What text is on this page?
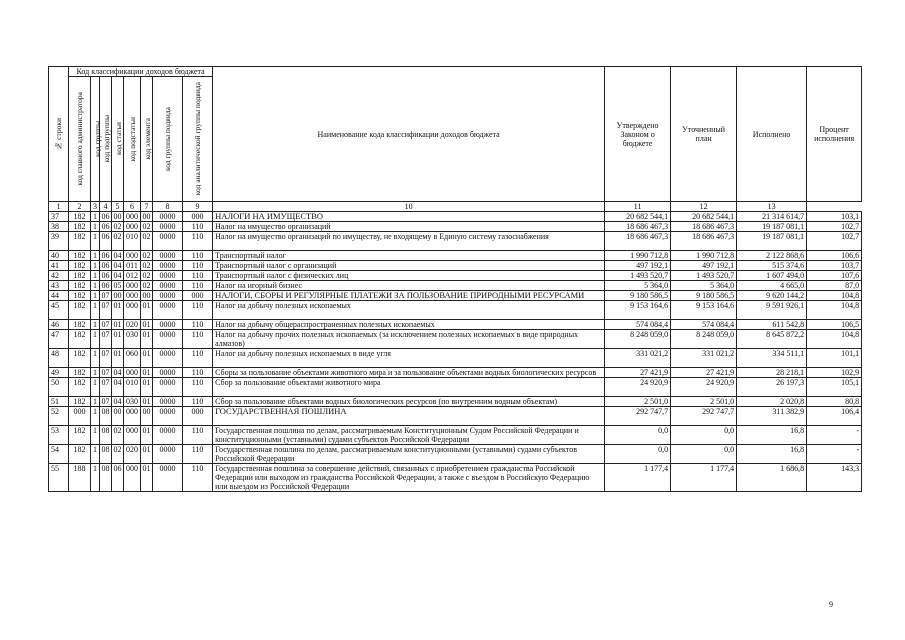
№ строки	Код классификации доходов бюджета								Наименование кода классификации доходов бюджета	Утверждено Законом о бюджете	Уточненный план	Исполнено	Процент исполнения

	код главного администратора	код группы	код подгруппы	код статьи	код подстатьи	код элемента	код группы подвида	код аналитической группы подвида					

1	2	3	4	5	6	7	8	9	10	11	12	13	
37	182	1	06	00	000	00	0000	000	НАЛОГИ НА ИМУЩЕСТВО	20 682 544,1	20 682 544,1	21 314 614,7	103,1
38	182	1	06	02	000	02	0000	110	Налог на имущество организаций	18 686 467,3	18 686 467,3	19 187 081,1	102,7
39	182	1	06	02	010	02	0000	110	Налог на имущество организаций по имуществу, не входящему в Единую систему газоснабжения	18 686 467,3	18 686 467,3	19 187 081,1	102,7
40	182	1	06	04	000	02	0000	110	Транспортный налог	1 990 712,8	1 990 712,8	2 122 868,6	106,6
41	182	1	06	04	011	02	0000	110	Транспортный налог с организаций	497 192,1	497 192,1	515 374,6	103,7
42	182	1	06	04	012	02	0000	110	Транспортный налог с физических лиц	1 493 520,7	1 493 520,7	1 607 494,0	107,6
43	182	1	06	05	000	02	0000	110	Налог на игорный бизнес	5 364,0	5 364,0	4 665,0	87,0
44	182	1	07	00	000	00	0000	000	НАЛОГИ, СБОРЫ И РЕГУЛЯРНЫЕ ПЛАТЕЖИ ЗА ПОЛЬЗОВАНИЕ ПРИРОДНЫМИ РЕСУРСАМИ	9 180 586,5	9 180 586,5	9 620 144,2	104,8
45	182	1	07	01	000	01	0000	110	Налог на добычу полезных ископаемых	9 153 164,6	9 153 164,6	9 591 926,1	104,8
46	182	1	07	01	020	01	0000	110	Налог на добычу общераспространенных полезных ископаемых	574 084,4	574 084,4	611 542,8	106,5
47	182	1	07	01	030	01	0000	110	Налог на добычу прочих полезных ископаемых (за исключением полезных ископаемых в виде природных алмазов)	8 248 059,0	8 248 059,0	8 645 872,2	104,8
48	182	1	07	01	060	01	0000	110	Налог на добычу полезных ископаемых в виде угля	331 021,2	331 021,2	334 511,1	101,1
49	182	1	07	04	000	01	0000	110	Сборы за пользование объектами животного мира и за пользование объектами водных биологических ресурсов	27 421,9	27 421,9	28 218,1	102,9
50	182	1	07	04	010	01	0000	110	Сбор за пользование объектами животного мира	24 920,9	24 920,9	26 197,3	105,1
51	182	1	07	04	030	01	0000	110	Сбор за пользование объектами водных биологических ресурсов (по внутренним водным объектам)	2 501,0	2 501,0	2 020,8	80,8
52	000	1	08	00	000	00	0000	000	ГОСУДАРСТВЕННАЯ ПОШЛИНА	292 747,7	292 747,7	311 382,9	106,4
53	182	1	08	02	000	01	0000	110	Государственная пошлина по делам, рассматриваемым Конституционным Судом Российской Федерации и конституционными (уставными) судами субъектов Российской Федерации	0,0	0,0	16,8	-
54	182	1	08	02	020	01	0000	110	Государственная пошлина по делам, рассматриваемым конституционными (уставными) судами субъектов Российской Федерации	0,0	0,0	16,8	-
55	188	1	08	06	000	01	0000	110	Государственная пошлина за совершение действий, связанных с приобретением гражданства Российской Федерации или выходом из гражданства Российской Федерации, а также с въездом в Российскую Федерацию или выездом из Российской Федерации	1 177,4	1 177,4	1 686,8	143,3
9
